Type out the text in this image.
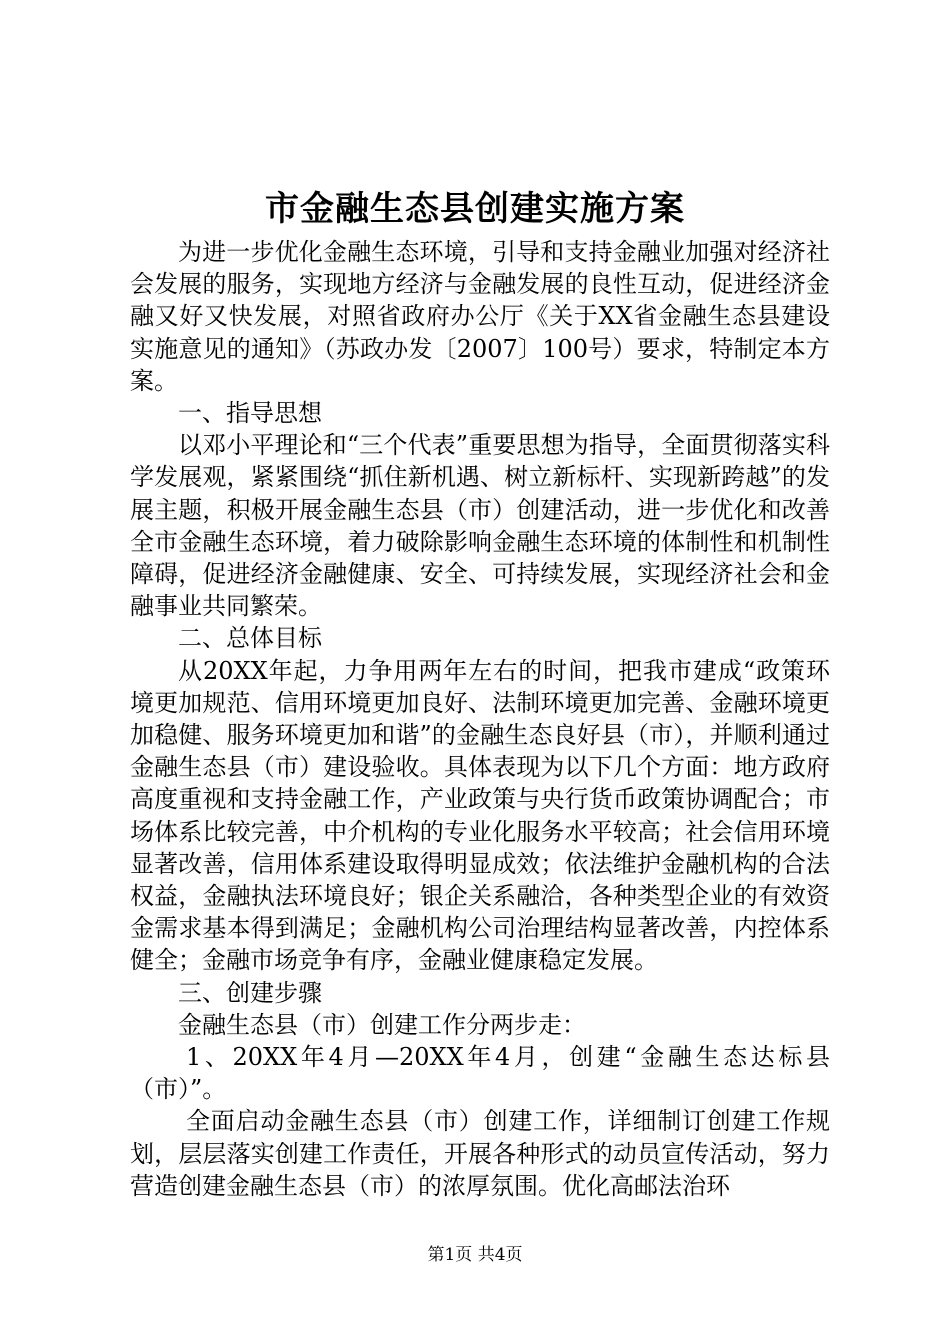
市金融生态县创建实施方案

为进一步优化金融生态环境，引导和支持金融业加强对经济社会发展的服务，实现地方经济与金融发展的良性互动，促进经济金融又好又快发展，对照省政府办公厅《关于XX省金融生态县建设实施意见的通知》（苏政办发〔2007〕100号）要求，特制定本方案。

一、指导思想

以邓小平理论和“三个代表”重要思想为指导，全面贯彻落实科学发展观，紧紧围绕“抓住新机遇、树立新标杆、实现新跨越”的发展主题，积极开展金融生态县（市）创建活动，进一步优化和改善全市金融生态环境，着力破除影响金融生态环境的体制性和机制性障碍，促进经济金融健康、安全、可持续发展，实现经济社会和金融事业共同繁荣。

二、总体目标

从20XX年起，力争用两年左右的时间，把我市建成“政策环境更加规范、信用环境更加良好、法制环境更加完善、金融环境更加稳健、服务环境更加和谐”的金融生态良好县（市），并顺利通过金融生态县（市）建设验收。具体表现为以下几个方面：地方政府高度重视和支持金融工作，产业政策与央行货币政策协调配合；市场体系比较完善，中介机构的专业化服务水平较高；社会信用环境显著改善，信用体系建设取得明显成效；依法维护金融机构的合法权益，金融执法环境良好；银企关系融洽，各种类型企业的有效资金需求基本得到满足；金融机构公司治理结构显著改善，内控体系健全；金融市场竞争有序，金融业健康稳定发展。

三、创建步骤

金融生态县（市）创建工作分两步走：

1、20XX年4月—20XX年4月，创建“金融生态达标县（市）”。

全面启动金融生态县（市）创建工作，详细制订创建工作规划，层层落实创建工作责任，开展各种形式的动员宣传活动，努力营造创建金融生态县（市）的浓厚氛围。优化高邮法治环

第1页 共4页
